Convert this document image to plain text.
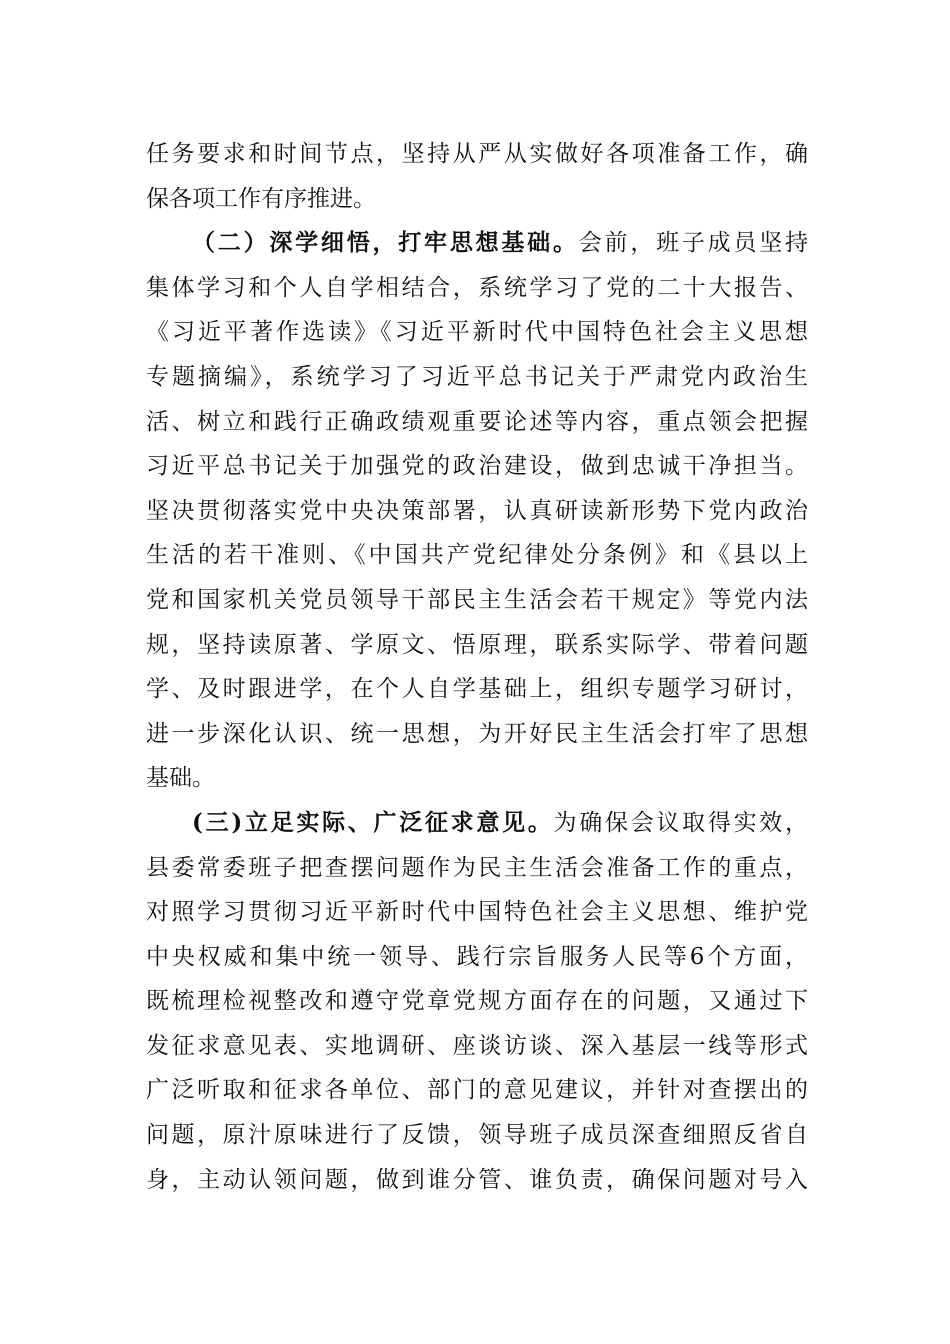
任务要求和时间节点，坚持从严从实做好各项准备工作，确
保各项工作有序推进。
（二）深学细悟，打牢思想基础。会前，班子成员坚持
集体学习和个人自学相结合，系统学习了党的二十大报告、
《习近平著作选读》《习近平新时代中国特色社会主义思想
专题摘编》，系统学习了习近平总书记关于严肃党内政治生
活、树立和践行正确政绩观重要论述等内容，重点领会把握
习近平总书记关于加强党的政治建设，做到忠诚干净担当。
坚决贯彻落实党中央决策部署，认真研读新形势下党内政治
生活的若干准则、《中国共产党纪律处分条例》和《县以上
党和国家机关党员领导干部民主生活会若干规定》等党内法
规，坚持读原著、学原文、悟原理，联系实际学、带着问题
学、及时跟进学，在个人自学基础上，组织专题学习研讨，
进一步深化认识、统一思想，为开好民主生活会打牢了思想
基础。
(三)立足实际、广泛征求意见。为确保会议取得实效，
县委常委班子把查摆问题作为民主生活会准备工作的重点，
对照学习贯彻习近平新时代中国特色社会主义思想、维护党
中央权威和集中统一领导、践行宗旨服务人民等6个方面，
既梳理检视整改和遵守党章党规方面存在的问题，又通过下
发征求意见表、实地调研、座谈访谈、深入基层一线等形式
广泛听取和征求各单位、部门的意见建议，并针对查摆出的
问题，原汁原味进行了反馈，领导班子成员深查细照反省自
身，主动认领问题，做到谁分管、谁负责，确保问题对号入
